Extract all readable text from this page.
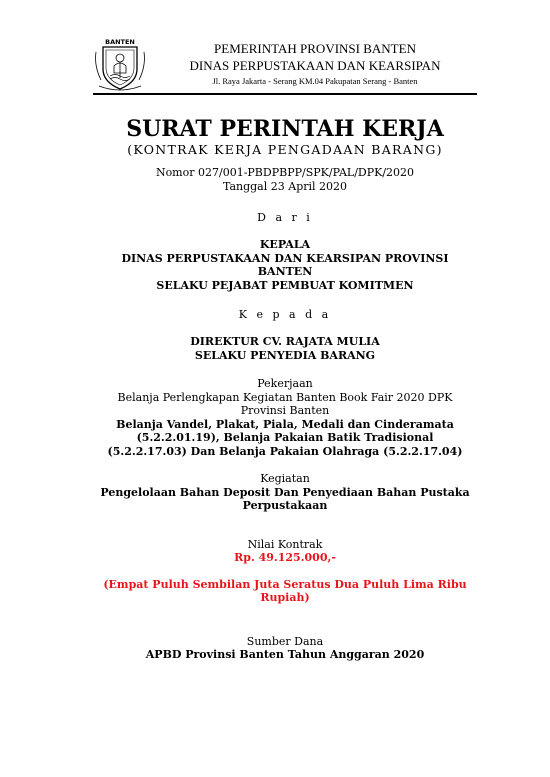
BANTEN	PEMERINTAH PROVINSI BANTEN
DINAS PERPUSTAKAAN DAN KEARSIPAN
Jl. Raya Jakarta - Serang KM.04 Pakupatan Serang - Banten
SURAT PERINTAH KERJA
(KONTRAK KERJA PENGADAAN BARANG)
Nomor 027/001-PBDPBPP/SPK/PAL/DPK/2020
Tanggal 23 April 2020
D a r i
KEPALA
DINAS PERPUSTAKAAN DAN KEARSIPAN PROVINSI
BANTEN
SELAKU PEJABAT PEMBUAT KOMITMEN
K e p a d a
DIREKTUR CV. RAJATA MULIA
SELAKU PENYEDIA BARANG
Pekerjaan
Belanja Perlengkapan Kegiatan Banten Book Fair 2020 DPK
Provinsi Banten
Belanja Vandel, Plakat, Piala, Medali dan Cinderamata
(5.2.2.01.19), Belanja Pakaian Batik Tradisional
(5.2.2.17.03) Dan Belanja Pakaian Olahraga (5.2.2.17.04)
Kegiatan
Pengelolaan Bahan Deposit Dan Penyediaan Bahan Pustaka
Perpustakaan
Nilai Kontrak
Rp. 49.125.000,-
(Empat Puluh Sembilan Juta Seratus Dua Puluh Lima Ribu
Rupiah)
Sumber Dana
APBD Provinsi Banten Tahun Anggaran 2020
